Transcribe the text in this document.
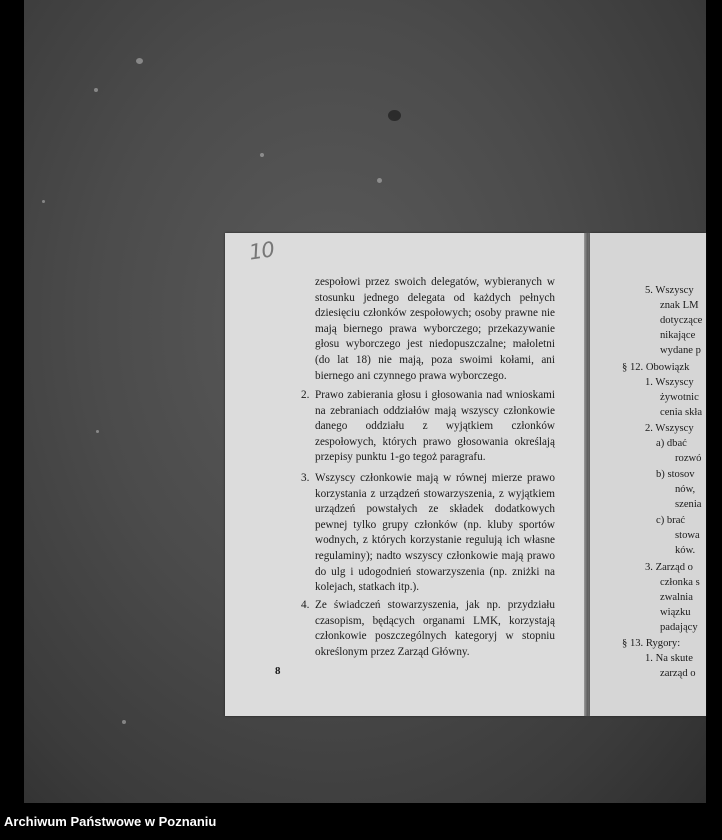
10
zespołowi przez swoich delegatów, wybieranych w stosunku jednego delegata od każdych pełnych dziesięciu członków zespołowych; osoby prawne nie mają biernego prawa wyborczego; przekazywanie głosu wyborczego jest niedopuszczalne; małoletni (do lat 18) nie mają, poza swoimi kołami, ani biernego ani czynnego prawa wyborczego.
2. Prawo zabierania głosu i głosowania nad wnioskami na zebraniach oddziałów mają wszyscy członkowie danego oddziału z wyjątkiem członków zespołowych, których prawo głosowania określają przepisy punktu 1-go tegoż paragrafu.
3. Wszyscy członkowie mają w równej mierze prawo korzystania z urządzeń stowarzyszenia, z wyjątkiem urządzeń powstałych ze składek dodatkowych pewnej tylko grupy członków (np. kluby sportów wodnych, z których korzystanie regulują ich własne regulaminy); nadto wszyscy członkowie mają prawo do ulg i udogodnień stowarzyszenia (np. zniżki na kolejach, statkach itp.).
4. Ze świadczeń stowarzyszenia, jak np. przydziału czasopism, będących organami LMK, korzystają członkowie poszczególnych kategoryj w stopniu określonym przez Zarząd Główny.
8
5. Wszyscy
znak LM
dotyczące
nikające
wydane p
§ 12. Obowiązk
1. Wszyscy
żywotnic
cenia skła
2. Wszyscy
a) dbać
rozwó
b) stosov
nów,
szenia
c) brać
stowa
ków.
3. Zarząd o
członka s
zwalnia
wiązku
padający
§ 13. Rygory:
1. Na skute
zarząd o
Archiwum Państwowe w Poznaniu
